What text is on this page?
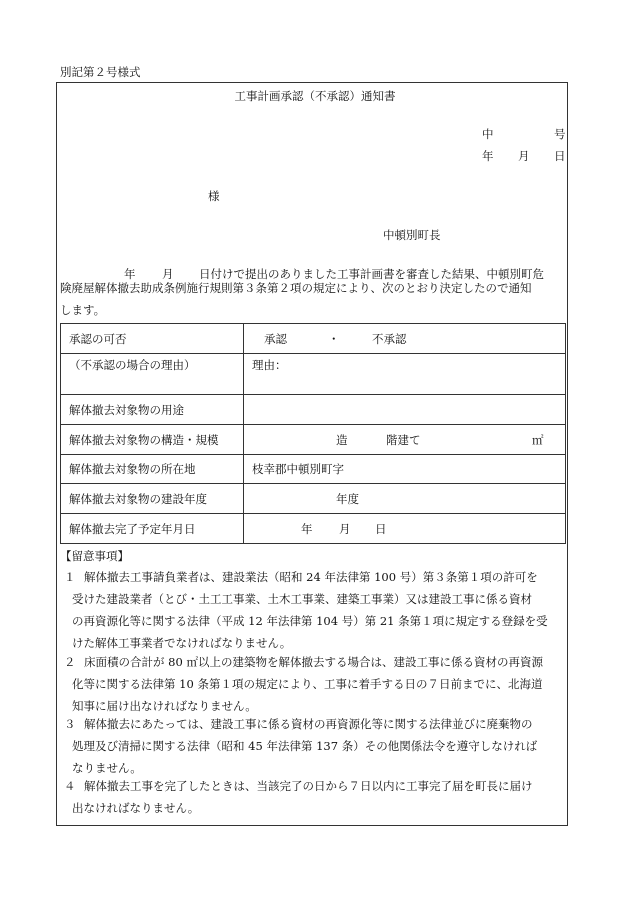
別記第２号様式
工事計画承認（不承認）通知書
中	号
年 月 日
様
中頓別町長
年 月 日付けで提出のありました工事計画書を審査した結果、中頓別町危
険廃屋解体撤去助成条例施行規則第３条第２項の規定により、次のとおり決定したので通知
します。
承認の可否	承認 ・ 不承認

（不承認の場合の理由）	理由：
解体撤去対象物の用途	
解体撤去対象物の構造・規模	造 階建て ㎡

解体撤去対象物の所在地	枝幸郡中頓別町字
解体撤去対象物の建設年度	年度

解体撤去完了予定年月日	年 月 日
【留意事項】
１ 解体撤去工事請負業者は、建設業法（昭和 24 年法律第 100 号）第３条第１項の許可を
受けた建設業者（とび・土工工事業、土木工事業、建築工事業）又は建設工事に係る資材
の再資源化等に関する法律（平成 12 年法律第 104 号）第 21 条第１項に規定する登録を受
けた解体工事業者でなければなりません。
２ 床面積の合計が 80 ㎡以上の建築物を解体撤去する場合は、建設工事に係る資材の再資源
化等に関する法律第 10 条第１項の規定により、工事に着手する日の７日前までに、北海道
知事に届け出なければなりません。
３ 解体撤去にあたっては、建設工事に係る資材の再資源化等に関する法律並びに廃棄物の
処理及び清掃に関する法律（昭和 45 年法律第 137 条）その他関係法令を遵守しなければ
なりません。
４ 解体撤去工事を完了したときは、当該完了の日から７日以内に工事完了届を町長に届け
出なければなりません。
